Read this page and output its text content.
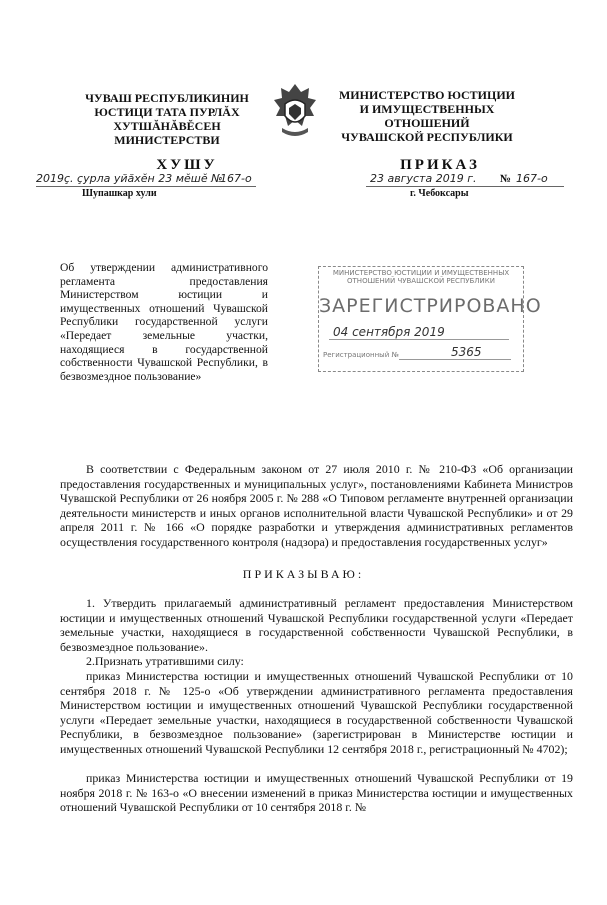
ЧУВАШ РЕСПУБЛИКИНИН
ЮСТИЦИ ТАТА ПУРЛĂХ
ХУТШĂНĂВĔСЕН
МИНИСТЕРСТВИ
МИНИСТЕРСТВО ЮСТИЦИИ
И ИМУЩЕСТВЕННЫХ
ОТНОШЕНИЙ
ЧУВАШСКОЙ РЕСПУБЛИКИ
ХУШУ	ПРИКАЗ
2019ç. çурла уйăхĕн 23 мĕшĕ №
167-о	23 августа 2019 г. № 167-о
Шупашкар хули	г. Чебоксары
Об утверждении административного регламента предоставления Министерством юстиции и имущественных отношений Чувашской Республики государственной услуги «Передает земельные участки, находящиеся в государственной собственности Чувашской Республики, в безвозмездное пользование»
МИНИСТЕРСТВО ЮСТИЦИИ И ИМУЩЕСТВЕННЫХ ОТНОШЕНИЙ ЧУВАШСКОЙ РЕСПУБЛИКИ
ЗАРЕГИСТРИРОВАНО
04 сентября 2019
Регистрационный №	5365
В соответствии с Федеральным законом от 27 июля 2010 г. № 210-ФЗ «Об организации предоставления государственных и муниципальных услуг», постановлениями Кабинета Министров Чувашской Республики от 26 ноября 2005 г. № 288 «О Типовом регламенте внутренней организации деятельности министерств и иных органов исполнительной власти Чувашской Республики» и от 29 апреля 2011 г. № 166 «О порядке разработки и утверждения административных регламентов осуществления государственного контроля (надзора) и предоставления государственных услуг»
ПРИКАЗЫВАЮ:
1. Утвердить прилагаемый административный регламент предоставления Министерством юстиции и имущественных отношений Чувашской Республики государственной услуги «Передает земельные участки, находящиеся в государственной собственности Чувашской Республики, в безвозмездное пользование».
2.Признать утратившими силу:
приказ Министерства юстиции и имущественных отношений Чувашской Республики от 10 сентября 2018 г. № 125-о «Об утверждении административного регламента предоставления Министерством юстиции и имущественных отношений Чувашской Республики государственной услуги «Передает земельные участки, находящиеся в государственной собственности Чувашской Республики, в безвозмездное пользование» (зарегистрирован в Министерстве юстиции и имущественных отношений Чувашской Республики 12 сентября 2018 г., регистрационный № 4702);
приказ Министерства юстиции и имущественных отношений Чувашской Республики от 19 ноября 2018 г. № 163-о «О внесении изменений в приказ Министерства юстиции и имущественных отношений Чувашской Республики от 10 сентября 2018 г. №
